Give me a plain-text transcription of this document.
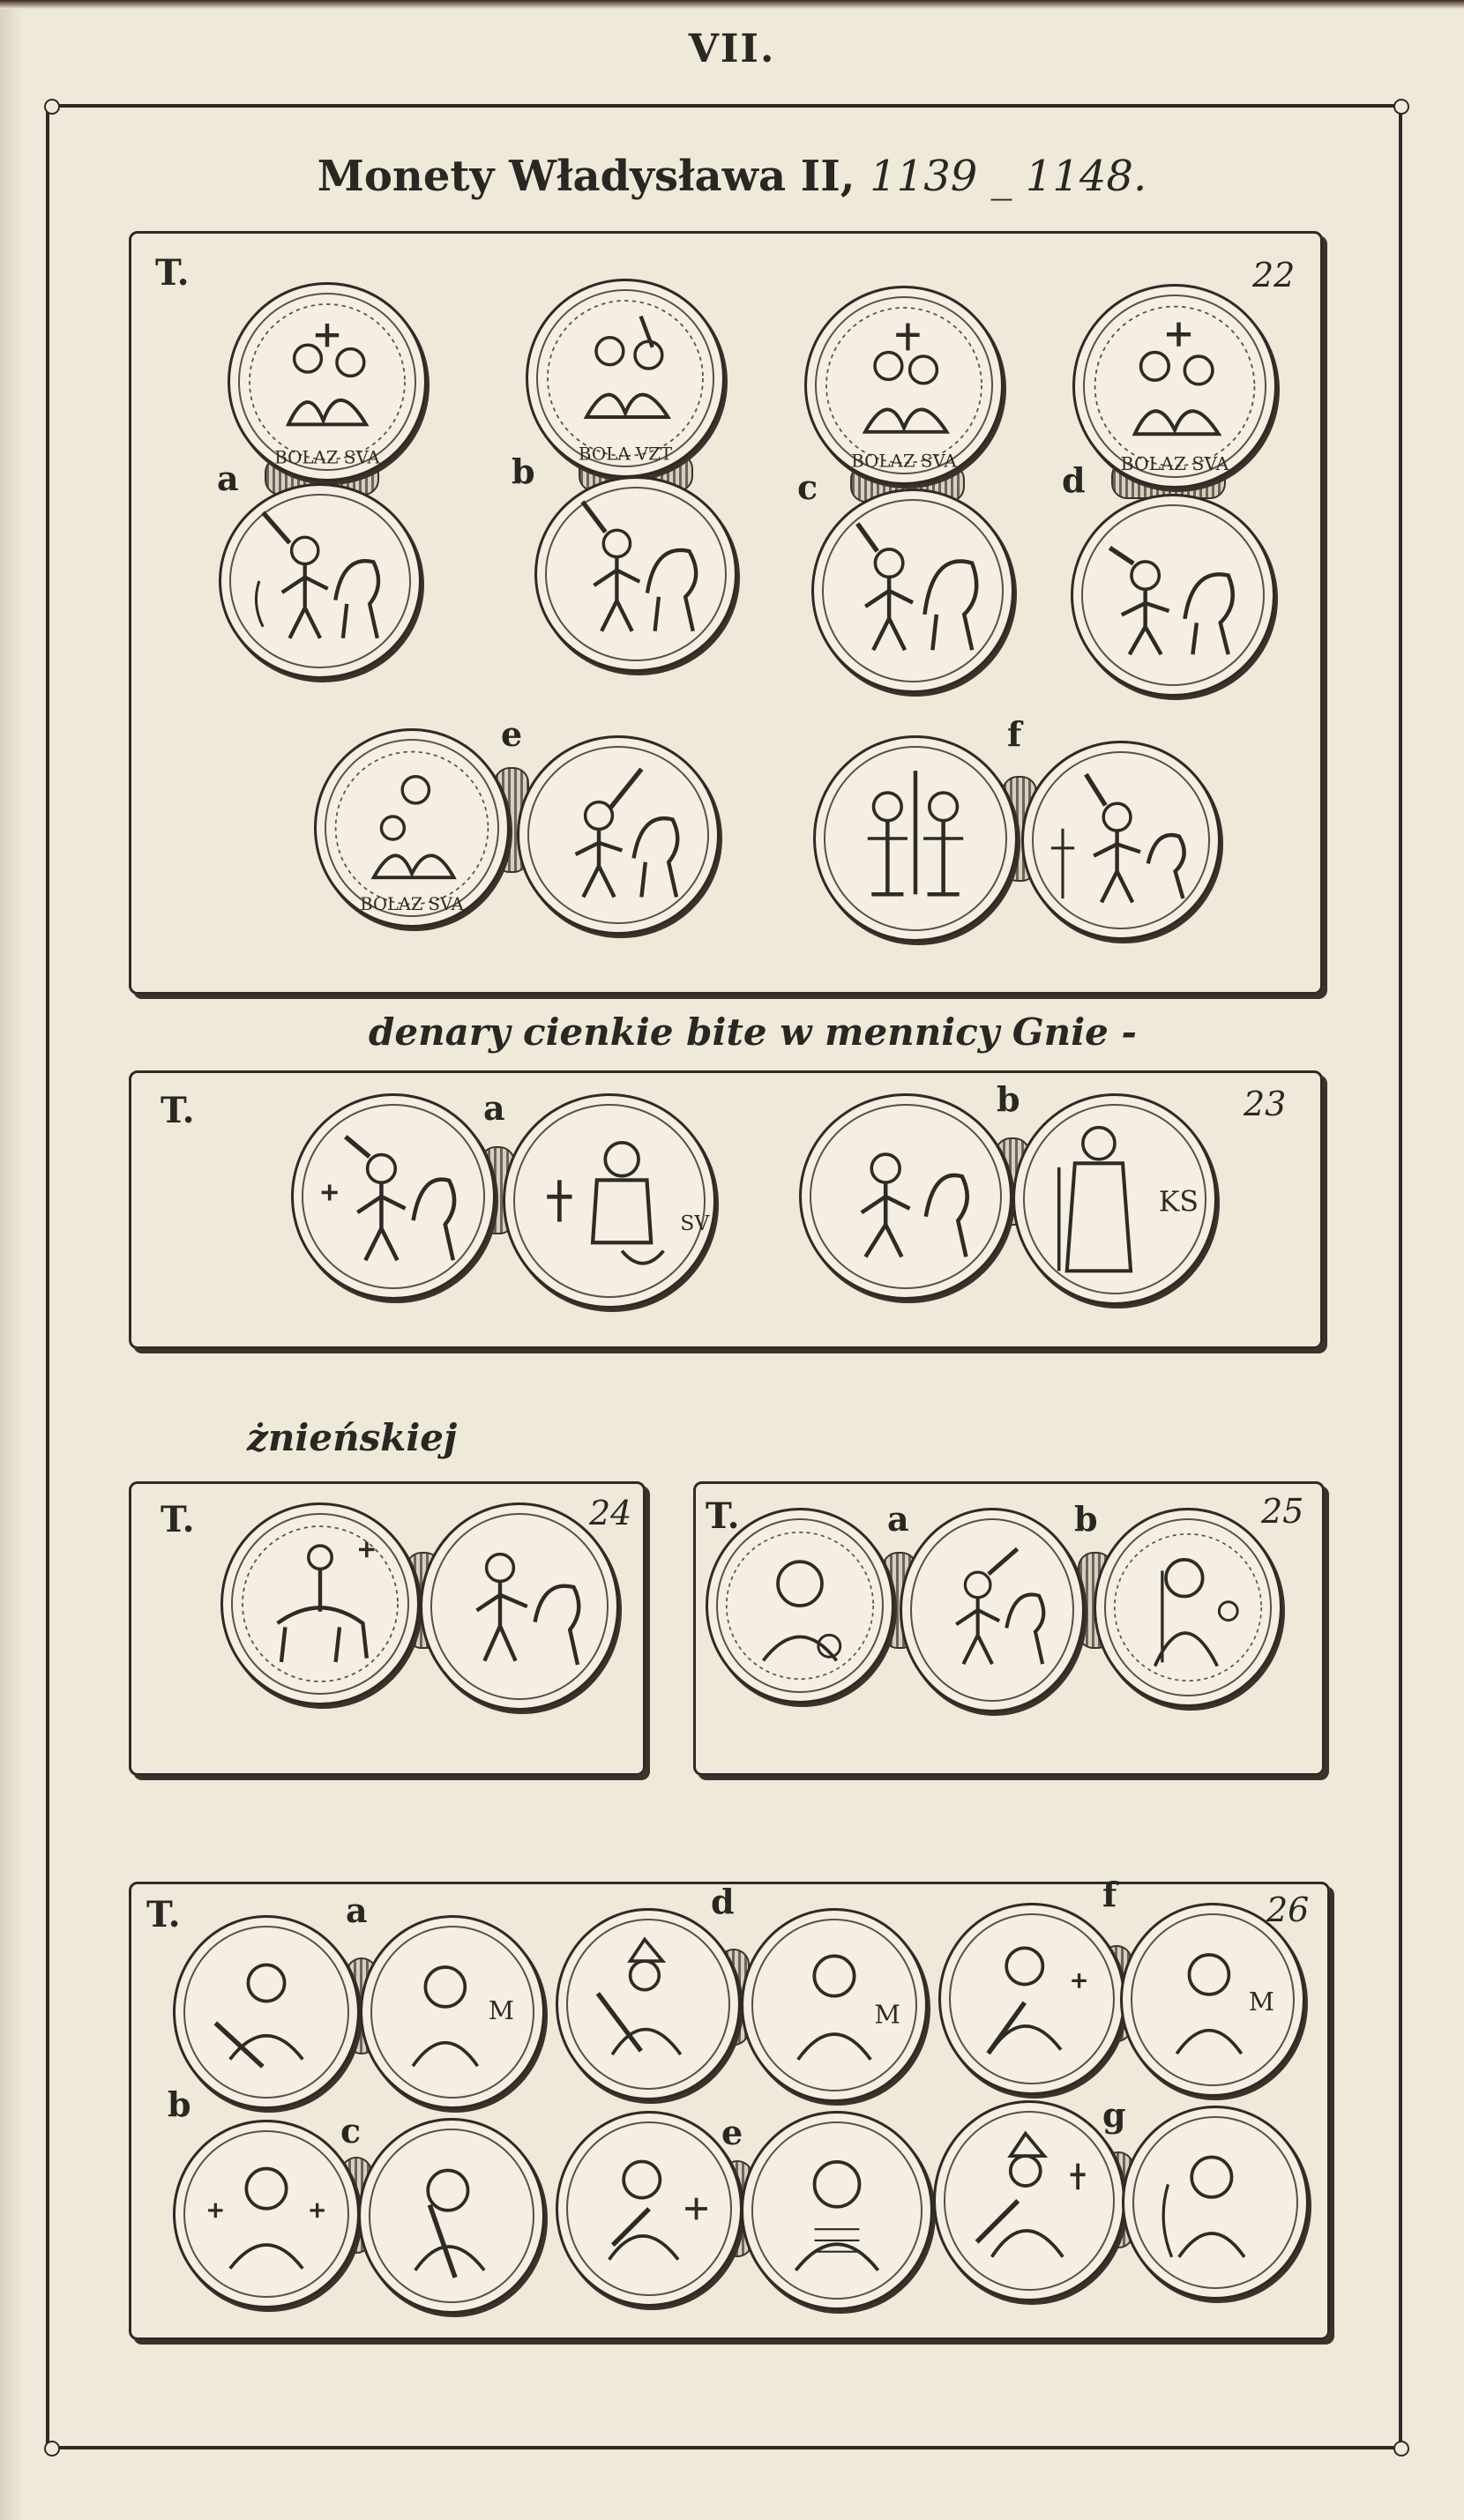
VII.
Monety Władysława II, 1139 _ 1148.
T.	22
a	b	c	d
e	f
T.	23
a	b
denary cienkie bite w mennicy Gnie -
żnieńskiej
T.	24 T.	25
a	b
T.	26
a	d	f
b
c	e	g
BOLAZ SVA	BOLA VZT	BOLAZ SVA	BOLAZ SVA
BOLAZ SVA
SV
KS
M	M	M
